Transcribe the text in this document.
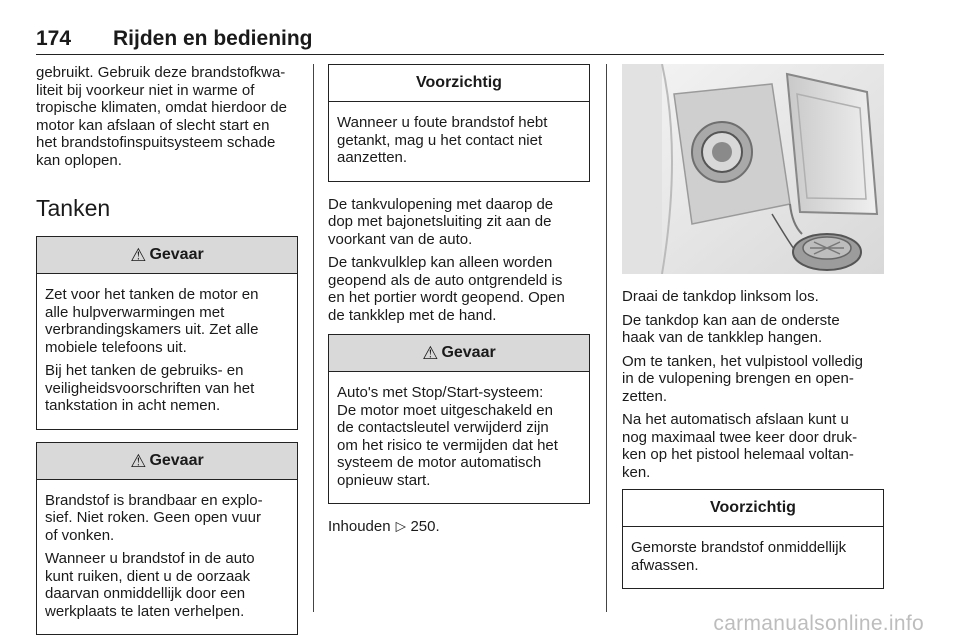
174 Rijden en bediening

gebruikt. Gebruik deze brandstofkwa-
liteit bij voorkeur niet in warme of
tropische klimaten, omdat hierdoor de
motor kan afslaan of slecht start en
het brandstofinspuitsysteem schade
kan oplopen.

Tanken
⚠ Gevaar

Zet voor het tanken de motor en
alle hulpverwarmingen met
verbrandingskamers uit. Zet alle
mobiele telefoons uit.

Bij het tanken de gebruiks- en
veiligheidsvoorschriften van het
tankstation in acht nemen.

⚠ Gevaar

Brandstof is brandbaar en explo-
sief. Niet roken. Geen open vuur
of vonken.

Wanneer u brandstof in de auto
kunt ruiken, dient u de oorzaak
daarvan onmiddellijk door een
werkplaats te laten verhelpen.

Voorzichtig

Wanneer u foute brandstof hebt
getankt, mag u het contact niet
aanzetten.

De tankvulopening met daarop de
dop met bajonetsluiting zit aan de
voorkant van de auto.

De tankvulklep kan alleen worden
geopend als de auto ontgrendeld is
en het portier wordt geopend. Open
de tankklep met de hand.

⚠ Gevaar

Auto's met Stop/Start-systeem:
De motor moet uitgeschakeld en
de contactsleutel verwijderd zijn
om het risico te vermijden dat het
systeem de motor automatisch
opnieuw start.

Inhouden ▷ 250.

Draai de tankdop linksom los.

De tankdop kan aan de onderste
haak van de tankklep hangen.

Om te tanken, het vulpistool volledig
in de vulopening brengen en open-
zetten.

Na het automatisch afslaan kunt u
nog maximaal twee keer door druk-
ken op het pistool helemaal voltan-
ken.

Voorzichtig

Gemorste brandstof onmiddellijk
afwassen.

carmanualsonline.info
